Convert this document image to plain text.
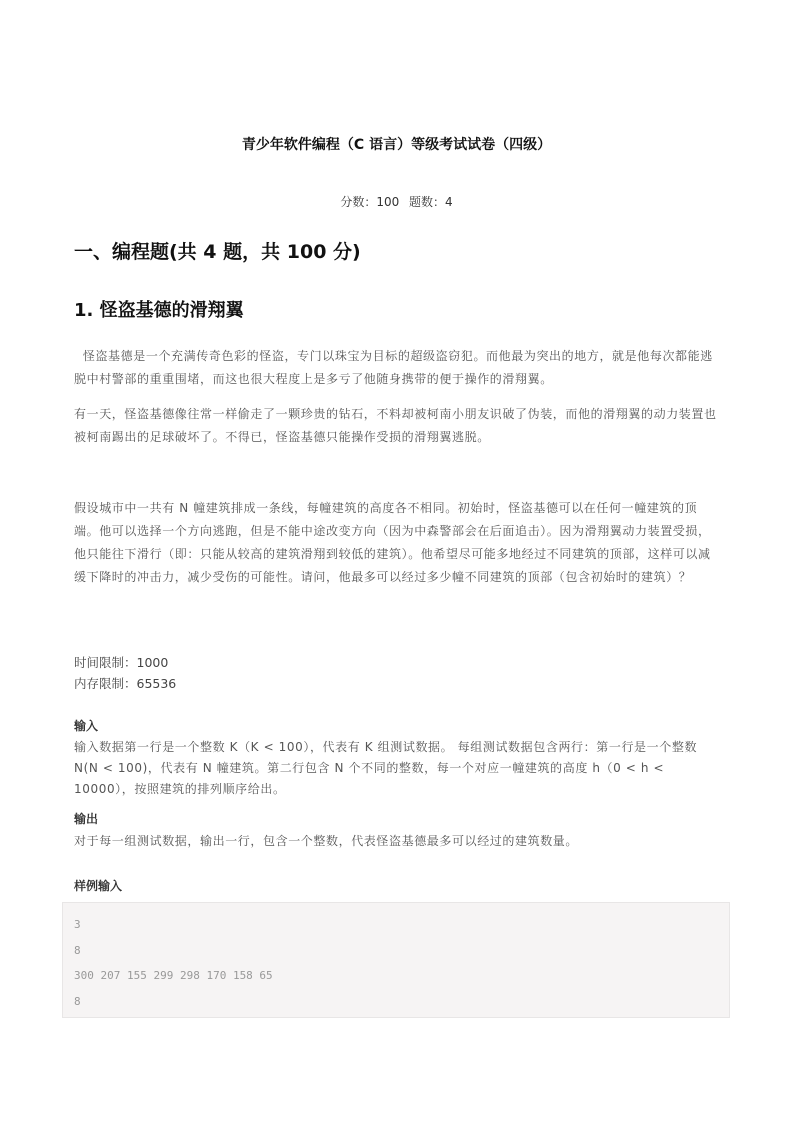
青少年软件编程（C 语言）等级考试试卷（四级）

分数：100 题数：4

一、编程题(共 4 题，共 100 分)
1. 怪盗基德的滑翔翼

怪盗基德是一个充满传奇色彩的怪盗，专门以珠宝为目标的超级盗窃犯。而他最为突出的地方，就是他每次都能逃脱中村警部的重重围堵，而这也很大程度上是多亏了他随身携带的便于操作的滑翔翼。

有一天，怪盗基德像往常一样偷走了一颗珍贵的钻石，不料却被柯南小朋友识破了伪装，而他的滑翔翼的动力装置也被柯南踢出的足球破坏了。不得已，怪盗基德只能操作受损的滑翔翼逃脱。

假设城市中一共有 N 幢建筑排成一条线，每幢建筑的高度各不相同。初始时，怪盗基德可以在任何一幢建筑的顶端。他可以选择一个方向逃跑，但是不能中途改变方向（因为中森警部会在后面追击）。因为滑翔翼动力装置受损，他只能往下滑行（即：只能从较高的建筑滑翔到较低的建筑）。他希望尽可能多地经过不同建筑的顶部，这样可以减缓下降时的冲击力，减少受伤的可能性。请问，他最多可以经过多少幢不同建筑的顶部（包含初始时的建筑）？

时间限制：1000
内存限制：65536
输入

输入数据第一行是一个整数 K（K < 100），代表有 K 组测试数据。 每组测试数据包含两行：第一行是一个整数 N(N < 100)，代表有 N 幢建筑。第二行包含 N 个不同的整数，每一个对应一幢建筑的高度 h（0 < h < 10000），按照建筑的排列顺序给出。

输出

对于每一组测试数据，输出一行，包含一个整数，代表怪盗基德最多可以经过的建筑数量。

样例输入
3
8
300 207 155 299 298 170 158 65
8
